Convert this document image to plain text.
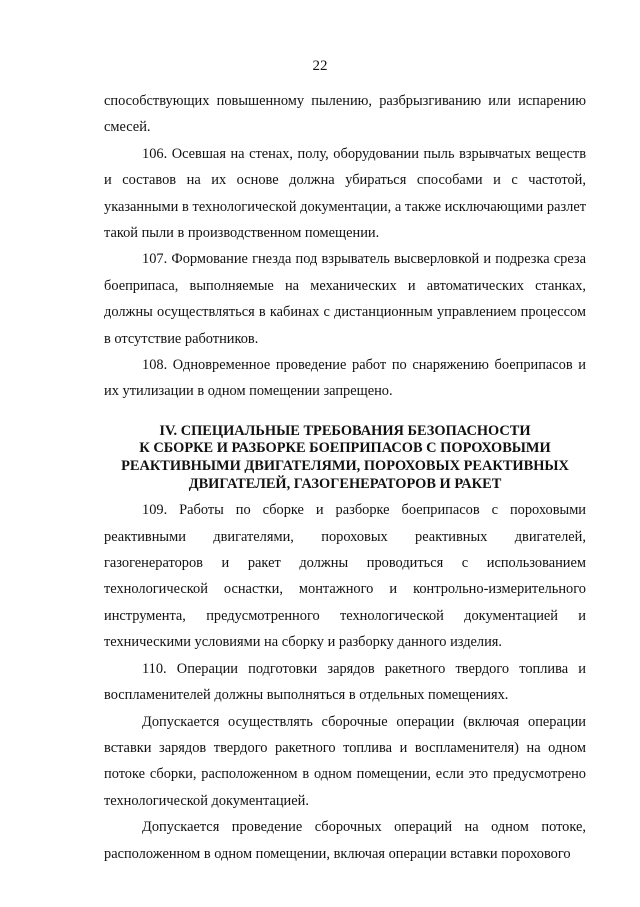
22

способствующих повышенному пылению, разбрызгиванию или испарению смесей.

106. Осевшая на стенах, полу, оборудовании пыль взрывчатых веществ и составов на их основе должна убираться способами и с частотой, указанными в технологической документации, а также исключающими разлет такой пыли в производственном помещении.

107. Формование гнезда под взрыватель высверловкой и подрезка среза боеприпаса, выполняемые на механических и автоматических станках, должны осуществляться в кабинах с дистанционным управлением процессом в отсутствие работников.

108. Одновременное проведение работ по снаряжению боеприпасов и их утилизации в одном помещении запрещено.

IV. СПЕЦИАЛЬНЫЕ ТРЕБОВАНИЯ БЕЗОПАСНОСТИ
К СБОРКЕ И РАЗБОРКЕ БОЕПРИПАСОВ С ПОРОХОВЫМИ
РЕАКТИВНЫМИ ДВИГАТЕЛЯМИ, ПОРОХОВЫХ РЕАКТИВНЫХ
ДВИГАТЕЛЕЙ, ГАЗОГЕНЕРАТОРОВ И РАКЕТ

109. Работы по сборке и разборке боеприпасов с пороховыми реактивными двигателями, пороховых реактивных двигателей, газогенераторов и ракет должны проводиться с использованием технологической оснастки, монтажного и контрольно-измерительного инструмента, предусмотренного технологической документацией и техническими условиями на сборку и разборку данного изделия.

110. Операции подготовки зарядов ракетного твердого топлива и воспламенителей должны выполняться в отдельных помещениях.

Допускается осуществлять сборочные операции (включая операции вставки зарядов твердого ракетного топлива и воспламенителя) на одном потоке сборки, расположенном в одном помещении, если это предусмотрено технологической документацией.

Допускается проведение сборочных операций на одном потоке, расположенном в одном помещении, включая операции вставки порохового
